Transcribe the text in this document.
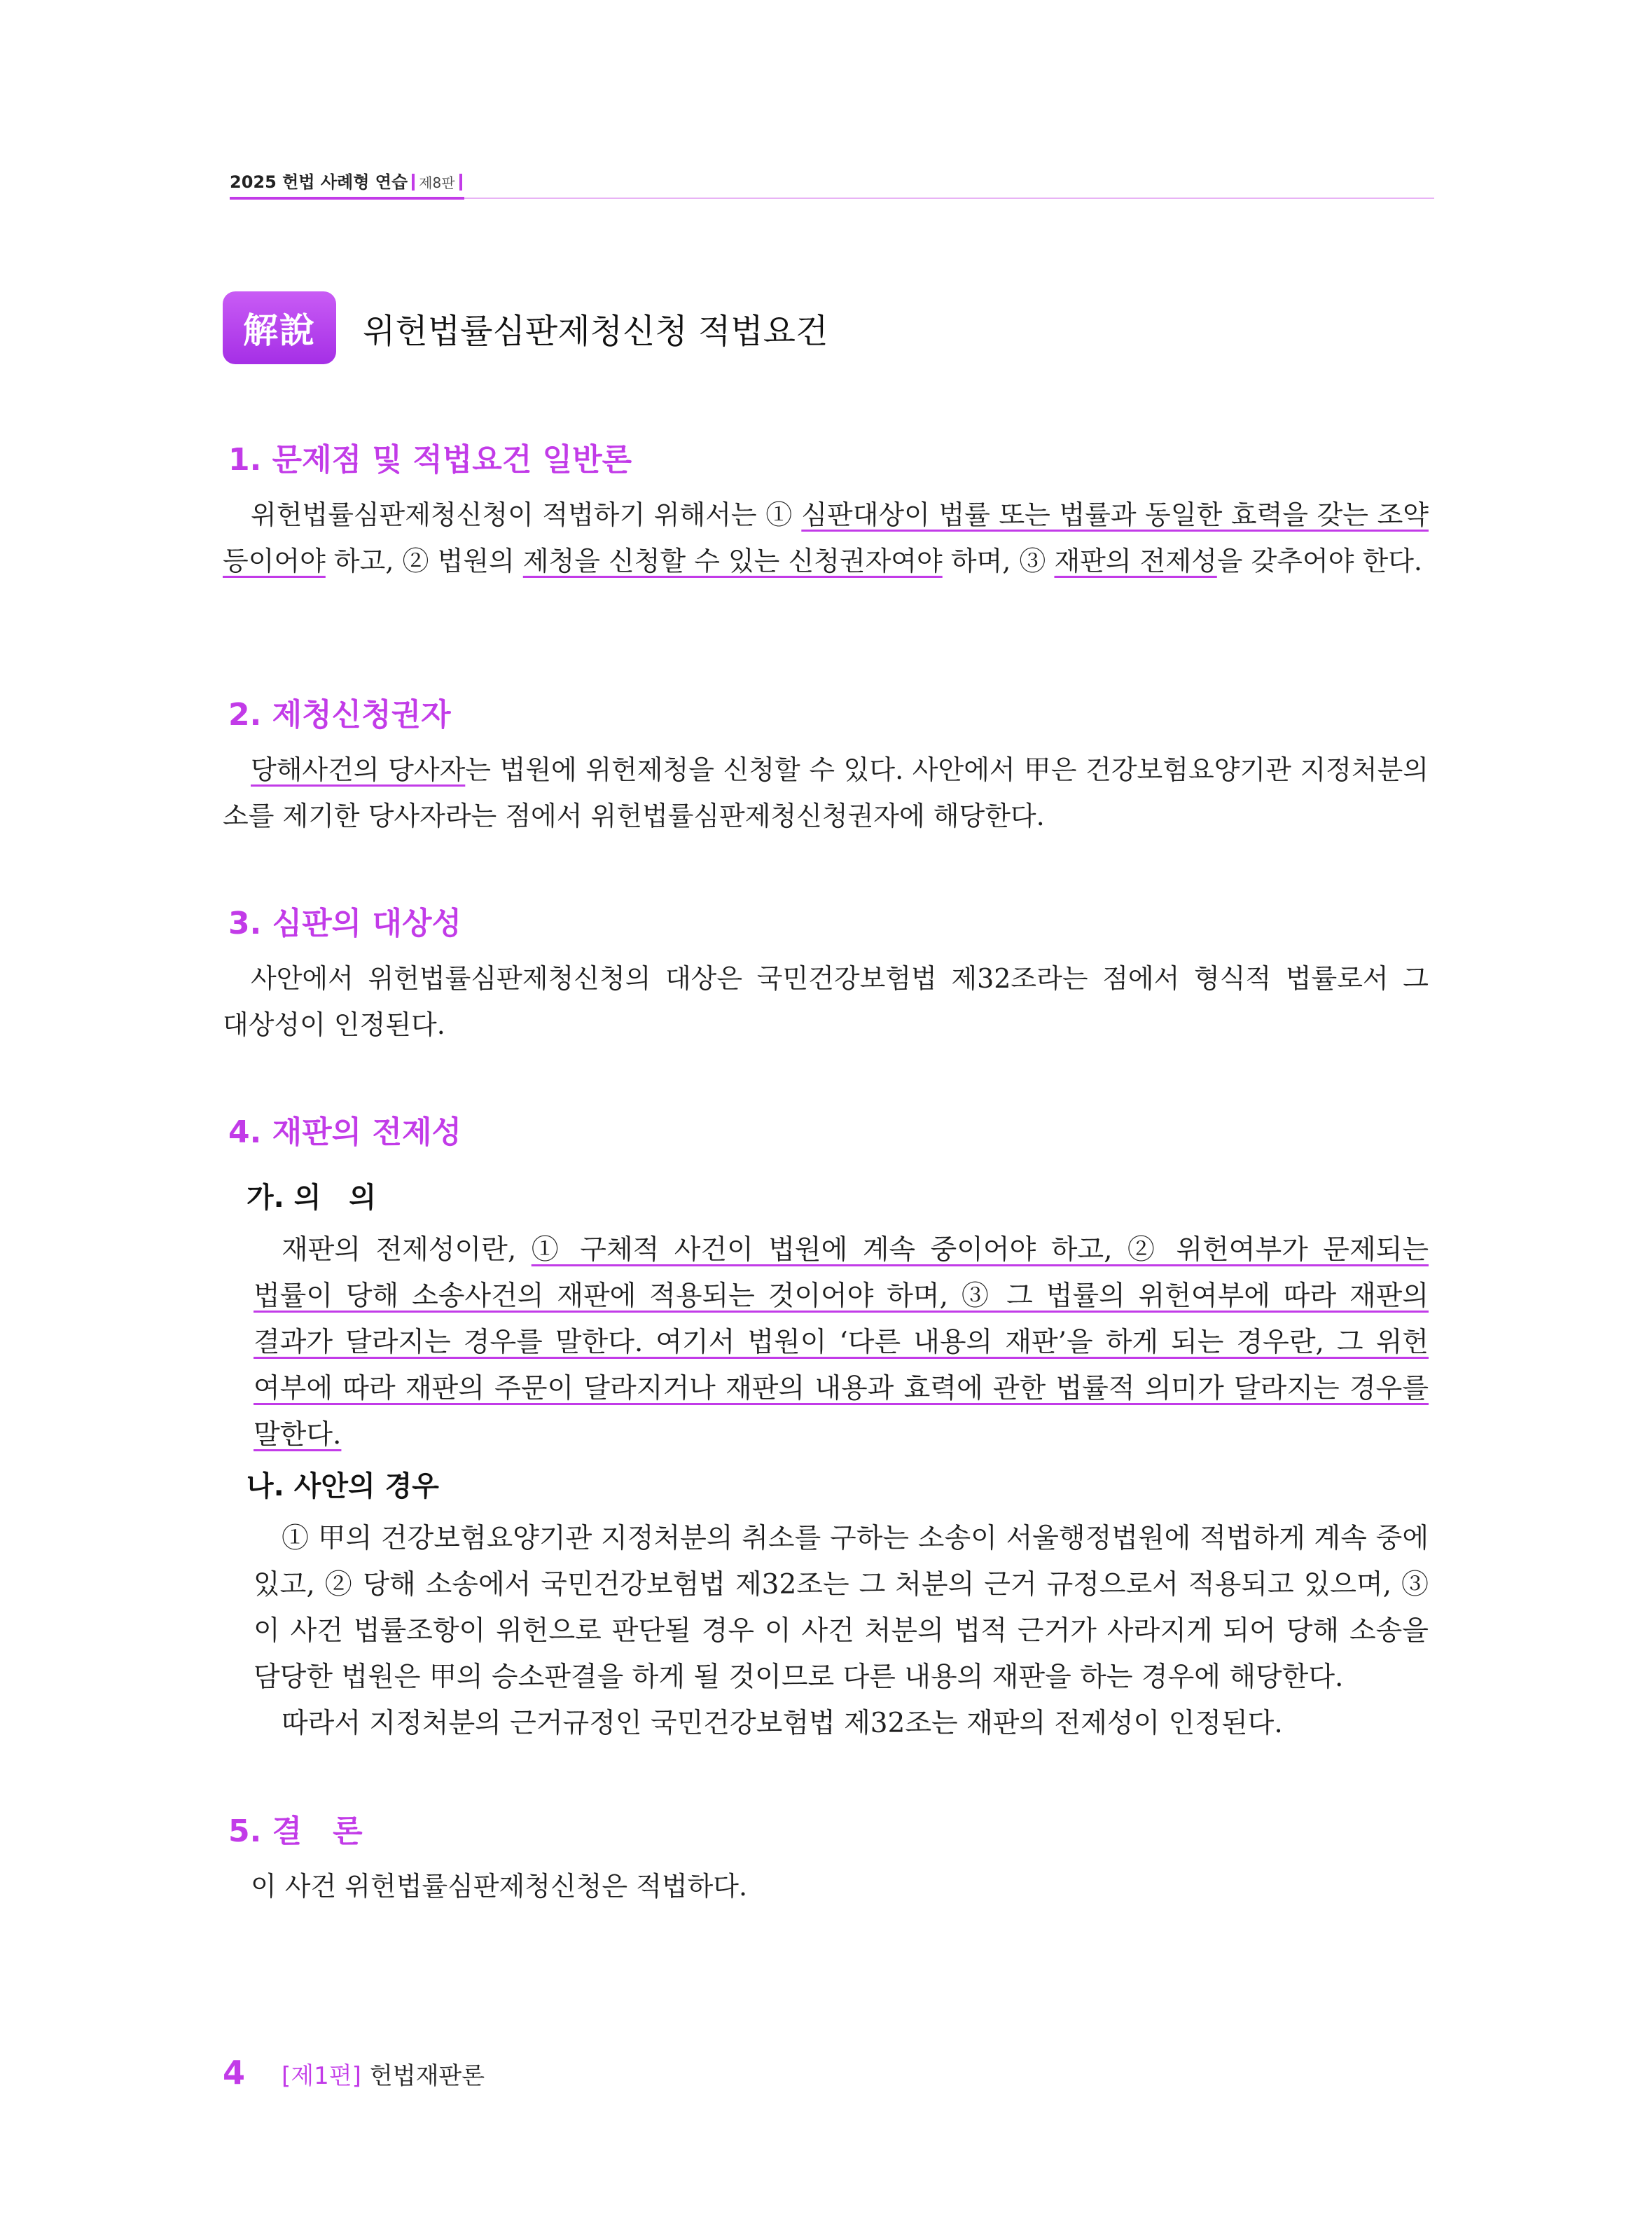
2025 헌법 사례형 연습 제8판
解說	위헌법률심판제청신청 적법요건
1. 문제점 및 적법요건 일반론
위헌법률심판제청신청이 적법하기 위해서는 ① 심판대상이 법률 또는 법률과 동일한 효력을 갖는 조약 등이어야 하고, ② 법원의 제청을 신청할 수 있는 신청권자여야 하며, ③ 재판의 전제성을 갖추어야 한다.
2. 제청신청권자
당해사건의 당사자는 법원에 위헌제청을 신청할 수 있다. 사안에서 甲은 건강보험요양기관 지정처분의 소를 제기한 당사자라는 점에서 위헌법률심판제청신청권자에 해당한다.
3. 심판의 대상성
사안에서 위헌법률심판제청신청의 대상은 국민건강보험법 제32조라는 점에서 형식적 법률로서 그 대상성이 인정된다.
4. 재판의 전제성
가. 의　의
재판의 전제성이란, ① 구체적 사건이 법원에 계속 중이어야 하고, ② 위헌여부가 문제되는 법률이 당해 소송사건의 재판에 적용되는 것이어야 하며, ③ 그 법률의 위헌여부에 따라 재판의 결과가 달라지는 경우를 말한다. 여기서 법원이 ‘다른 내용의 재판’을 하게 되는 경우란, 그 위헌 여부에 따라 재판의 주문이 달라지거나 재판의 내용과 효력에 관한 법률적 의미가 달라지는 경우를 말한다.
나. 사안의 경우
① 甲의 건강보험요양기관 지정처분의 취소를 구하는 소송이 서울행정법원에 적법하게 계속 중에 있고, ② 당해 소송에서 국민건강보험법 제32조는 그 처분의 근거 규정으로서 적용되고 있으며, ③ 이 사건 법률조항이 위헌으로 판단될 경우 이 사건 처분의 법적 근거가 사라지게 되어 당해 소송을 담당한 법원은 甲의 승소판결을 하게 될 것이므로 다른 내용의 재판을 하는 경우에 해당한다.
따라서 지정처분의 근거규정인 국민건강보험법 제32조는 재판의 전제성이 인정된다.
5. 결　론
이 사건 위헌법률심판제청신청은 적법하다.
4 [제1편] 헌법재판론
